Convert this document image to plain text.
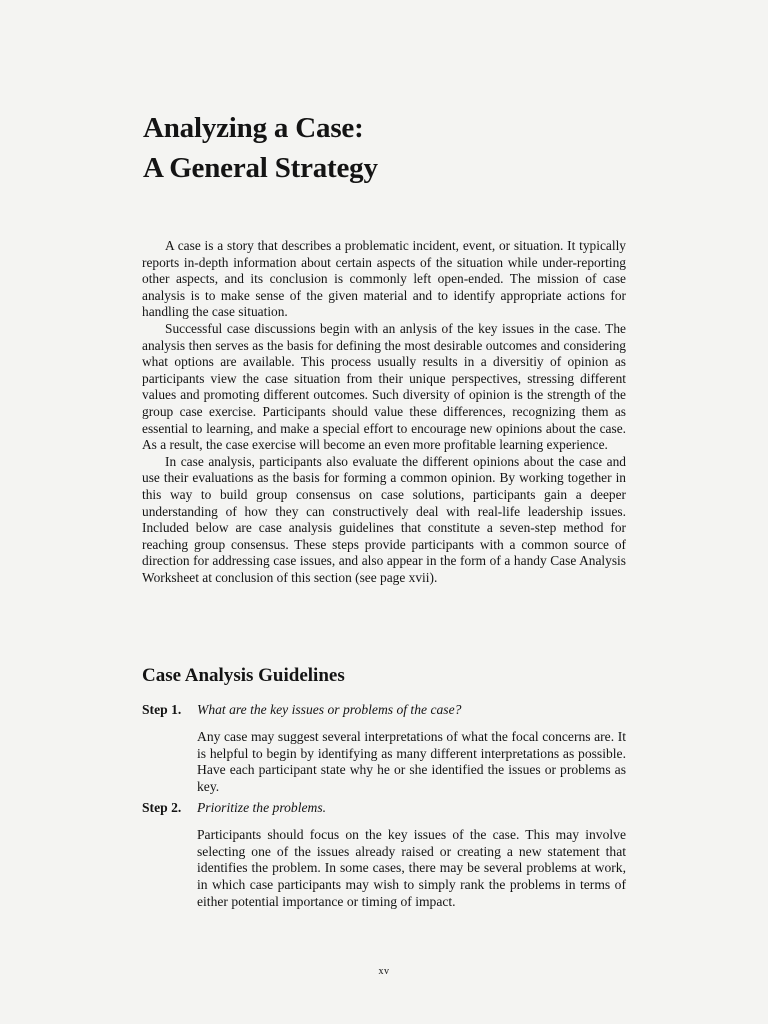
Analyzing a Case:
A General Strategy

A case is a story that describes a problematic incident, event, or situation. It typically reports in-depth information about certain aspects of the situation while under-reporting other aspects, and its conclusion is commonly left open-ended. The mission of case analysis is to make sense of the given material and to identify appropriate actions for handling the case situation.

Successful case discussions begin with an anlysis of the key issues in the case. The analysis then serves as the basis for defining the most desirable outcomes and considering what options are available. This process usually results in a diversitiy of opinion as participants view the case situation from their unique perspectives, stressing different values and promoting different outcomes. Such diversity of opinion is the strength of the group case exercise. Participants should value these differences, recognizing them as essential to learning, and make a special effort to encourage new opinions about the case. As a result, the case exercise will become an even more profitable learning experience.

In case analysis, participants also evaluate the different opinions about the case and use their evaluations as the basis for forming a common opinion. By working together in this way to build group consensus on case solutions, participants gain a deeper understanding of how they can constructively deal with real-life leadership issues. Included below are case analysis guidelines that constitute a seven-step method for reaching group consensus. These steps provide participants with a common source of direction for addressing case issues, and also appear in the form of a handy Case Analysis Worksheet at conclusion of this section (see page xvii).

Case Analysis Guidelines
Step 1.	What are the key issues or problems of the case?
Any case may suggest several interpretations of what the focal concerns are. It is helpful to begin by identifying as many different interpretations as possible. Have each participant state why he or she identified the issues or problems as key.
Step 2.	Prioritize the problems.
Participants should focus on the key issues of the case. This may involve selecting one of the issues already raised or creating a new statement that identifies the problem. In some cases, there may be several problems at work, in which case participants may wish to simply rank the problems in terms of either potential importance or timing of impact.
xv
